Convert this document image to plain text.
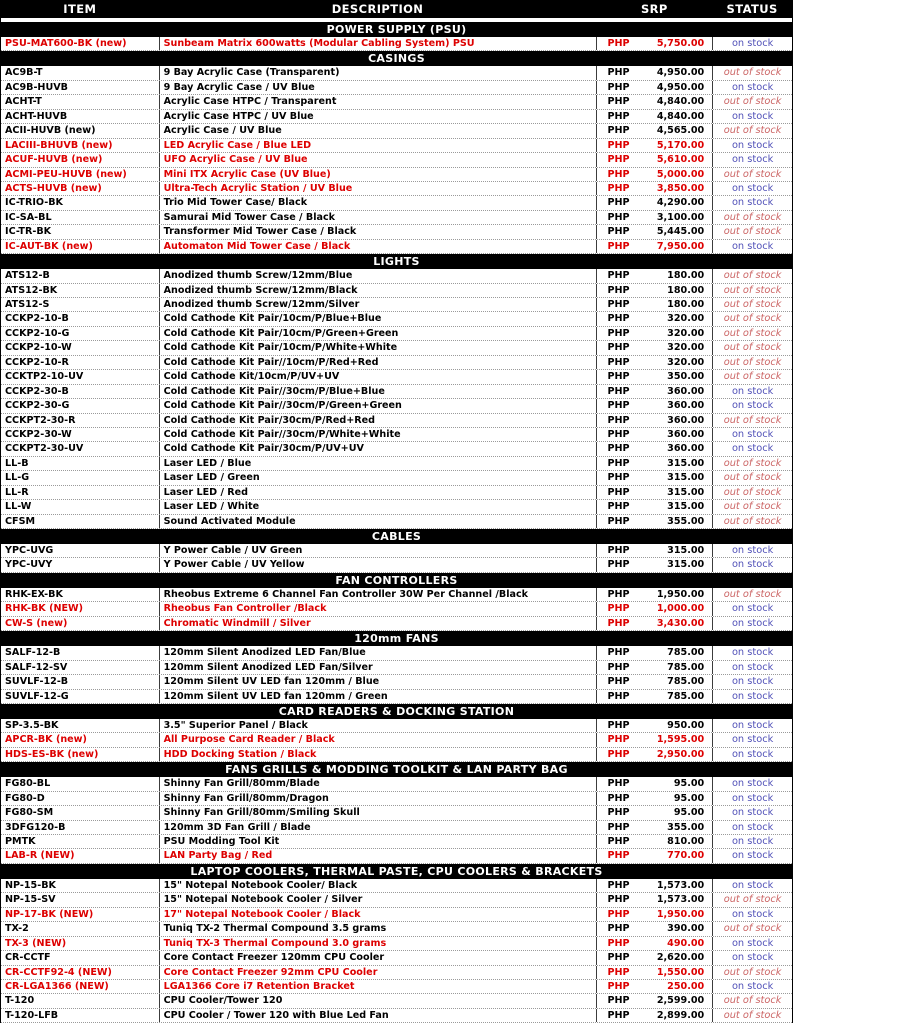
ITEM	DESCRIPTION	SRP	STATUS
POWER SUPPLY (PSU)
PSU-MAT600-BK (new)	Sunbeam Matrix 600watts (Modular Cabling System) PSU	PHP	5,750.00	on stock
CASINGS
AC9B-T	9 Bay Acrylic Case (Transparent)	PHP	4,950.00	out of stock
AC9B-HUVB	9 Bay Acrylic Case / UV Blue	PHP	4,950.00	on stock
ACHT-T	Acrylic Case HTPC / Transparent	PHP	4,840.00	out of stock
ACHT-HUVB	Acrylic Case HTPC / UV Blue	PHP	4,840.00	on stock
ACII-HUVB (new)	Acrylic Case / UV Blue	PHP	4,565.00	out of stock
LACIII-BHUVB (new)	LED Acrylic Case / Blue LED	PHP	5,170.00	on stock
ACUF-HUVB (new)	UFO Acrylic Case / UV Blue	PHP	5,610.00	on stock
ACMI-PEU-HUVB (new)	Mini ITX Acrylic Case (UV Blue)	PHP	5,000.00	out of stock
ACTS-HUVB (new)	Ultra-Tech Acrylic Station / UV Blue	PHP	3,850.00	on stock
IC-TRIO-BK	Trio Mid Tower Case/ Black	PHP	4,290.00	on stock
IC-SA-BL	Samurai Mid Tower Case / Black	PHP	3,100.00	out of stock
IC-TR-BK	Transformer Mid Tower Case / Black	PHP	5,445.00	out of stock
IC-AUT-BK (new)	Automaton Mid Tower Case / Black	PHP	7,950.00	on stock
LIGHTS
ATS12-B	Anodized thumb Screw/12mm/Blue	PHP	180.00	out of stock
ATS12-BK	Anodized thumb Screw/12mm/Black	PHP	180.00	out of stock
ATS12-S	Anodized thumb Screw/12mm/Silver	PHP	180.00	out of stock
CCKP2-10-B	Cold Cathode Kit Pair/10cm/P/Blue+Blue	PHP	320.00	out of stock
CCKP2-10-G	Cold Cathode Kit Pair/10cm/P/Green+Green	PHP	320.00	out of stock
CCKP2-10-W	Cold Cathode Kit Pair/10cm/P/White+White	PHP	320.00	out of stock
CCKP2-10-R	Cold Cathode Kit Pair//10cm/P/Red+Red	PHP	320.00	out of stock
CCKTP2-10-UV	Cold Cathode Kit/10cm/P/UV+UV	PHP	350.00	out of stock
CCKP2-30-B	Cold Cathode Kit Pair//30cm/P/Blue+Blue	PHP	360.00	on stock
CCKP2-30-G	Cold Cathode Kit Pair//30cm/P/Green+Green	PHP	360.00	on stock
CCKPT2-30-R	Cold Cathode Kit Pair/30cm/P/Red+Red	PHP	360.00	out of stock
CCKP2-30-W	Cold Cathode Kit Pair//30cm/P/White+White	PHP	360.00	on stock
CCKPT2-30-UV	Cold Cathode Kit Pair/30cm/P/UV+UV	PHP	360.00	on stock
LL-B	Laser LED / Blue	PHP	315.00	out of stock
LL-G	Laser LED / Green	PHP	315.00	out of stock
LL-R	Laser LED / Red	PHP	315.00	out of stock
LL-W	Laser LED / White	PHP	315.00	out of stock
CFSM	Sound Activated Module	PHP	355.00	out of stock
CABLES
YPC-UVG	Y Power Cable / UV Green	PHP	315.00	on stock
YPC-UVY	Y Power Cable / UV Yellow	PHP	315.00	on stock
FAN CONTROLLERS
RHK-EX-BK	Rheobus Extreme 6 Channel Fan Controller 30W Per Channel /Black	PHP	1,950.00	out of stock
RHK-BK (NEW)	Rheobus Fan Controller /Black	PHP	1,000.00	on stock
CW-S (new)	Chromatic Windmill / Silver	PHP	3,430.00	on stock
120mm FANS
SALF-12-B	120mm Silent Anodized LED Fan/Blue	PHP	785.00	on stock
SALF-12-SV	120mm Silent Anodized LED Fan/Silver	PHP	785.00	on stock
SUVLF-12-B	120mm Silent UV LED fan 120mm / Blue	PHP	785.00	on stock
SUVLF-12-G	120mm Silent UV LED fan 120mm / Green	PHP	785.00	on stock
CARD READERS & DOCKING STATION
SP-3.5-BK	3.5" Superior Panel / Black	PHP	950.00	on stock
APCR-BK (new)	All Purpose Card Reader / Black	PHP	1,595.00	on stock
HDS-ES-BK (new)	HDD Docking Station / Black	PHP	2,950.00	on stock
FANS GRILLS & MODDING TOOLKIT & LAN PARTY BAG
FG80-BL	Shinny Fan Grill/80mm/Blade	PHP	95.00	on stock
FG80-D	Shinny Fan Grill/80mm/Dragon	PHP	95.00	on stock
FG80-SM	Shinny Fan Grill/80mm/Smiling Skull	PHP	95.00	on stock
3DFG120-B	120mm 3D Fan Grill / Blade	PHP	355.00	on stock
PMTK	PSU Modding Tool Kit	PHP	810.00	on stock
LAB-R (NEW)	LAN Party Bag / Red	PHP	770.00	on stock
LAPTOP COOLERS, THERMAL PASTE, CPU COOLERS & BRACKETS
NP-15-BK	15" Notepal Notebook Cooler/ Black	PHP	1,573.00	on stock
NP-15-SV	15" Notepal Notebook Cooler / Silver	PHP	1,573.00	out of stock
NP-17-BK (NEW)	17" Notepal Notebook Cooler / Black	PHP	1,950.00	on stock
TX-2	Tuniq TX-2 Thermal Compound 3.5 grams	PHP	390.00	out of stock
TX-3 (NEW)	Tuniq TX-3 Thermal Compound 3.0 grams	PHP	490.00	on stock
CR-CCTF	Core Contact Freezer 120mm CPU Cooler	PHP	2,620.00	on stock
CR-CCTF92-4 (NEW)	Core Contact Freezer 92mm CPU Cooler	PHP	1,550.00	out of stock
CR-LGA1366 (NEW)	LGA1366 Core i7 Retention Bracket	PHP	250.00	on stock
T-120	CPU Cooler/Tower 120	PHP	2,599.00	out of stock
T-120-LFB	CPU Cooler / Tower 120 with Blue Led Fan	PHP	2,899.00	out of stock
